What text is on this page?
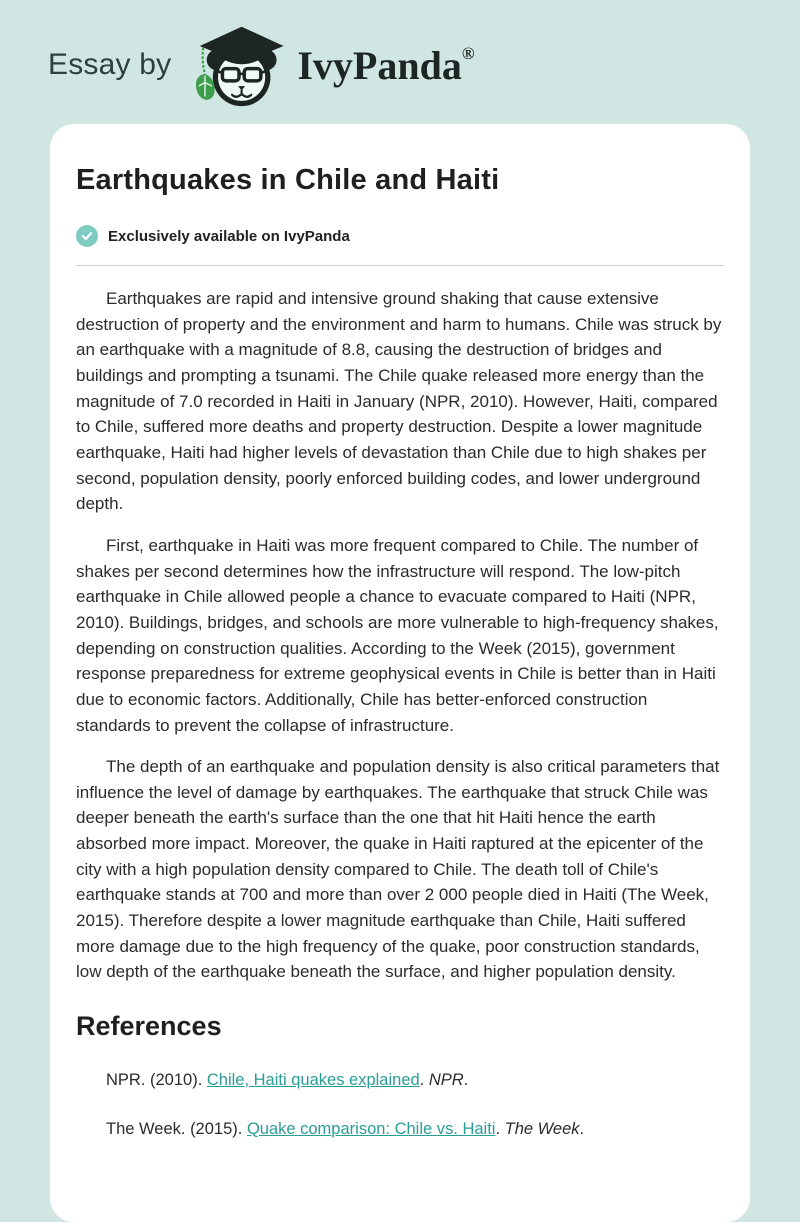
Essay by	IvyPanda®
Earthquakes in Chile and Haiti
Exclusively available on IvyPanda

Earthquakes are rapid and intensive ground shaking that cause extensive destruction of property and the environment and harm to humans. Chile was struck by an earthquake with a magnitude of 8.8, causing the destruction of bridges and buildings and prompting a tsunami. The Chile quake released more energy than the magnitude of 7.0 recorded in Haiti in January (NPR, 2010). However, Haiti, compared to Chile, suffered more deaths and property destruction. Despite a lower magnitude earthquake, Haiti had higher levels of devastation than Chile due to high shakes per second, population density, poorly enforced building codes, and lower underground depth.

First, earthquake in Haiti was more frequent compared to Chile. The number of shakes per second determines how the infrastructure will respond. The low-pitch earthquake in Chile allowed people a chance to evacuate compared to Haiti (NPR, 2010). Buildings, bridges, and schools are more vulnerable to high-frequency shakes, depending on construction qualities. According to the Week (2015), government response preparedness for extreme geophysical events in Chile is better than in Haiti due to economic factors. Additionally, Chile has better-enforced construction standards to prevent the collapse of infrastructure.

The depth of an earthquake and population density is also critical parameters that influence the level of damage by earthquakes. The earthquake that struck Chile was deeper beneath the earth's surface than the one that hit Haiti hence the earth absorbed more impact. Moreover, the quake in Haiti raptured at the epicenter of the city with a high population density compared to Chile. The death toll of Chile's earthquake stands at 700 and more than over 2 000 people died in Haiti (The Week, 2015). Therefore despite a lower magnitude earthquake than Chile, Haiti suffered more damage due to the high frequency of the quake, poor construction standards, low depth of the earthquake beneath the surface, and higher population density.

References

NPR. (2010). Chile, Haiti quakes explained. NPR.

The Week. (2015). Quake comparison: Chile vs. Haiti. The Week.
